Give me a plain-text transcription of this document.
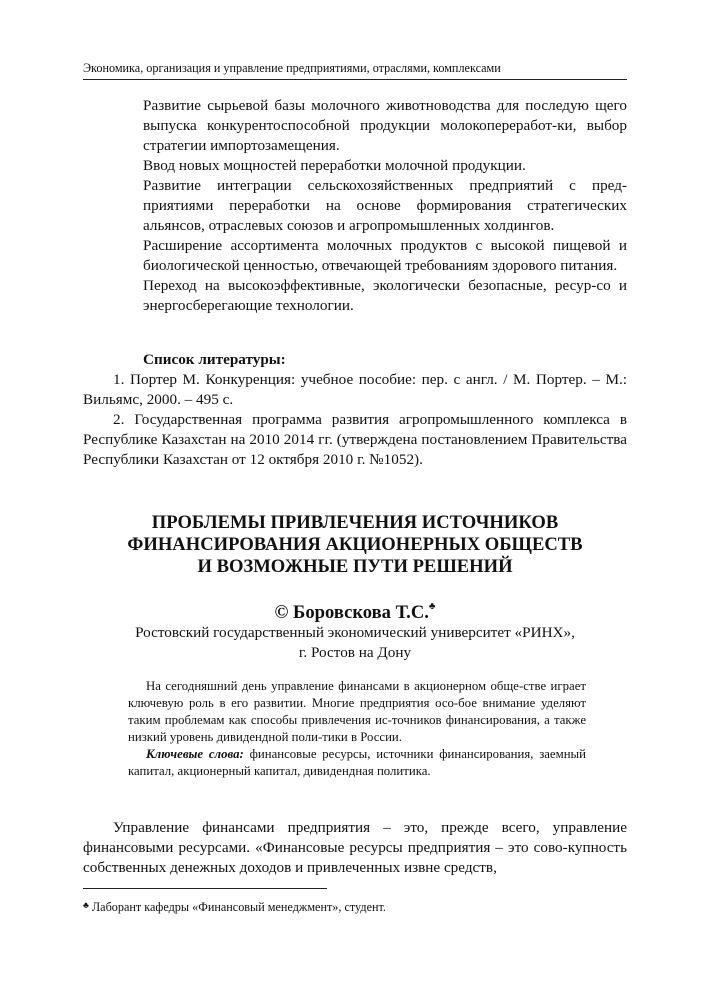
Экономика, организация и управление предприятиями, отраслями, комплексами

Развитие сырьевой базы молочного животноводства для последую щего выпуска конкурентоспособной продукции молокопереработ-ки, выбор стратегии импортозамещения.

Ввод новых мощностей переработки молочной продукции.

Развитие интеграции сельскохозяйственных предприятий с пред-приятиями переработки на основе формирования стратегических альянсов, отраслевых союзов и агропромышленных холдингов.

Расширение ассортимента молочных продуктов с высокой пищевой и биологической ценностью, отвечающей требованиям здорового питания.

Переход на высокоэффективные, экологически безопасные, ресур-со и энергосберегающие технологии.

Список литературы:

1. Портер М. Конкуренция: учебное пособие: пер. с англ. / М. Портер. – М.: Вильямс, 2000. – 495 с.

2. Государственная программа развития агропромышленного комплекса в Республике Казахстан на 2010 2014 гг. (утверждена постановлением Правительства Республики Казахстан от 12 октября 2010 г. №1052).

ПРОБЛЕМЫ ПРИВЛЕЧЕНИЯ ИСТОЧНИКОВ
ФИНАНСИРОВАНИЯ АКЦИОНЕРНЫХ ОБЩЕСТВ
И ВОЗМОЖНЫЕ ПУТИ РЕШЕНИЙ
© Боровскова Т.С.♣
Ростовский государственный экономический университет «РИНХ»,
г. Ростов на Дону

На сегодняшний день управление финансами в акционерном обще-стве играет ключевую роль в его развитии. Многие предприятия осо-бое внимание уделяют таким проблемам как способы привлечения ис-точников финансирования, а также низкий уровень дивидендной поли-тики в России.

Ключевые слова: финансовые ресурсы, источники финансирования, заемный капитал, акционерный капитал, дивидендная политика.

Управление финансами предприятия – это, прежде всего, управление финансовыми ресурсами. «Финансовые ресурсы предприятия – это сово-купность собственных денежных доходов и привлеченных извне средств,

♣ Лаборант кафедры «Финансовый менеджмент», студент.
